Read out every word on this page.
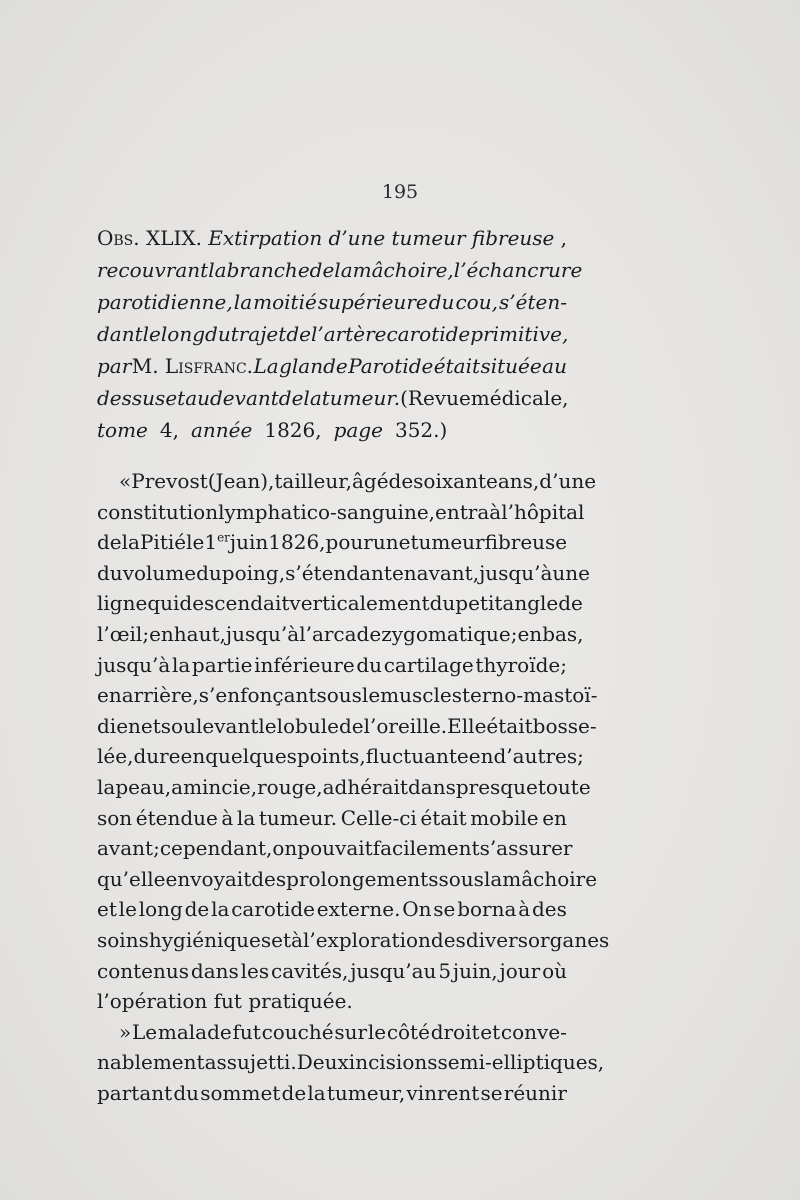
195
Obs. XLIX. Extirpation d’une tumeur fibreuse ,
recouvrant la branche de la mâchoire, l’échancrure
parotidienne, la moitié supérieure du cou, s’éten-
dant le long du trajet de l’artère carotide primitive,
par M. Lisfranc. La glande Parotide était située au
dessus et au de vant de la tumeur. (Revue médicale,
tome 4, année 1826, page 352.)
« Prevost (Jean), tailleur, âgé de soixante ans, d’une
constitution lymphatico-sanguine, entra à l’hôpital
de la Pitié le 1er juin 1826, pour une tumeur fibreuse
du volume du poing, s’étendant en avant, jusqu’à une
ligne qui descendait verticalement du petit angle de
l’œil; en haut, jusqu’à l’arcade zygomatique; en bas,
jusqu’à la partie inférieure du cartilage thyroïde;
en arrière, s’enfonçant sous le muscle sterno-mastoï-
dien et soulevant le lobule de l’oreille. Elle était bosse-
lée, dure en quelques points, fluctuante en d’autres;
la peau, amincie, rouge, adhérait dans presque toute
son étendue à la tumeur. Celle-ci était mobile en
avant; cependant, on pouvait facilement s’assurer
qu’elle envoyait des prolongements sous la mâchoire
et le long de la carotide externe. On se borna à des
soins hygiéniques et à l’exploration des divers organes
contenus dans les cavités, jusqu’au 5 juin, jour où
l’opération fut pratiquée.
» Le malade fut couché sur le côté droit et conve-
nablement assujetti. Deux incisions semi-elliptiques,
partant du sommet de la tumeur, vinrent se réunir
